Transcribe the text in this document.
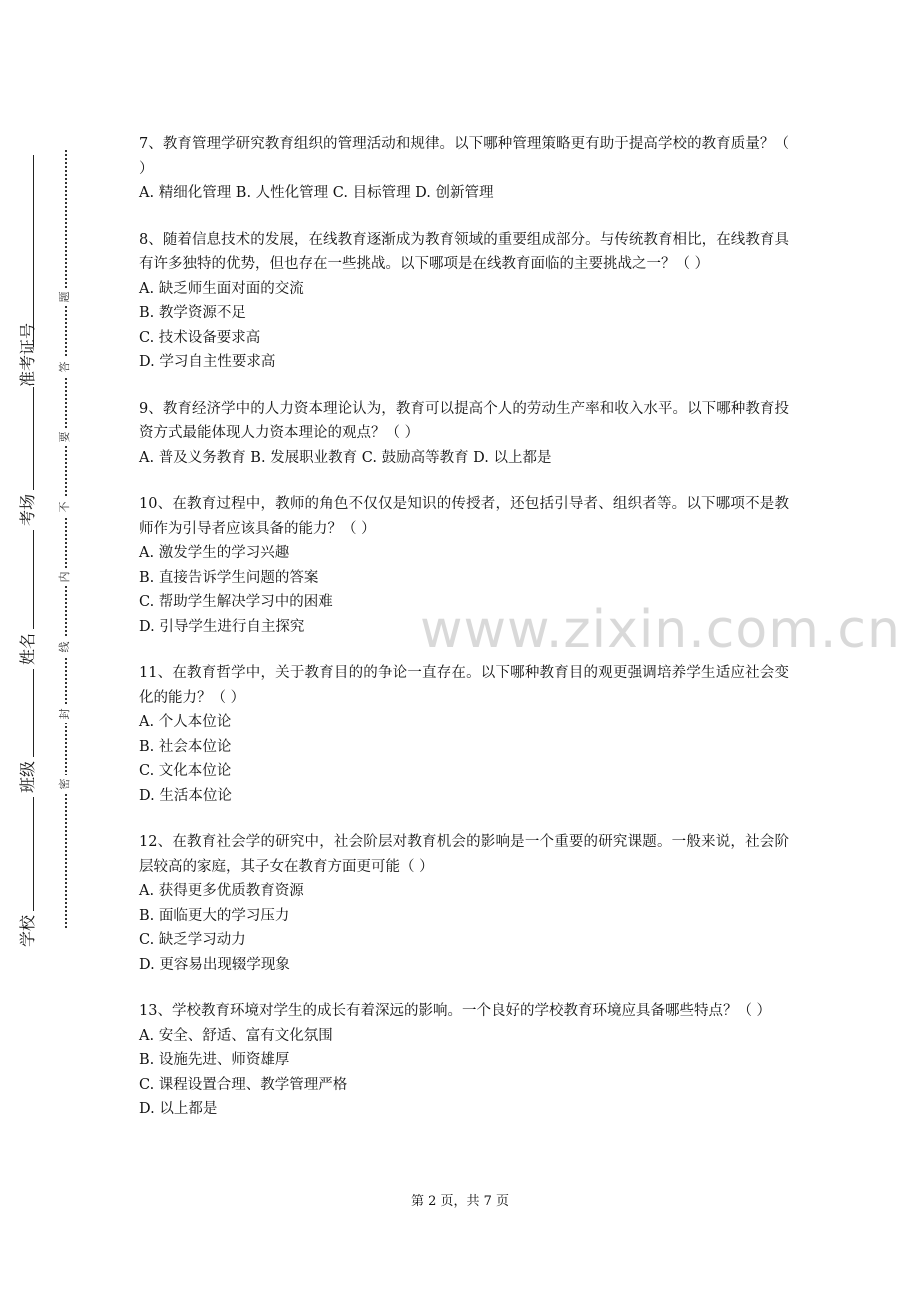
准考证号
考场
姓名
班级
学校
题
答
要
不
内
线
封
密
www.zixin.com.cn

7、教育管理学研究教育组织的管理活动和规律。以下哪种管理策略更有助于提高学校的教育质量？（ ）

A. 精细化管理 B. 人性化管理 C. 目标管理 D. 创新管理

8、随着信息技术的发展，在线教育逐渐成为教育领域的重要组成部分。与传统教育相比，在线教育具有许多独特的优势，但也存在一些挑战。以下哪项是在线教育面临的主要挑战之一？（ ）

A. 缺乏师生面对面的交流

B. 教学资源不足

C. 技术设备要求高

D. 学习自主性要求高

9、教育经济学中的人力资本理论认为，教育可以提高个人的劳动生产率和收入水平。以下哪种教育投资方式最能体现人力资本理论的观点？（ ）

A. 普及义务教育 B. 发展职业教育 C. 鼓励高等教育 D. 以上都是

10、在教育过程中，教师的角色不仅仅是知识的传授者，还包括引导者、组织者等。以下哪项不是教师作为引导者应该具备的能力？（ ）

A. 激发学生的学习兴趣

B. 直接告诉学生问题的答案

C. 帮助学生解决学习中的困难

D. 引导学生进行自主探究

11、在教育哲学中，关于教育目的的争论一直存在。以下哪种教育目的观更强调培养学生适应社会变化的能力？（ ）

A. 个人本位论

B. 社会本位论

C. 文化本位论

D. 生活本位论

12、在教育社会学的研究中，社会阶层对教育机会的影响是一个重要的研究课题。一般来说，社会阶层较高的家庭，其子女在教育方面更可能（ ）

A. 获得更多优质教育资源

B. 面临更大的学习压力

C. 缺乏学习动力

D. 更容易出现辍学现象

13、学校教育环境对学生的成长有着深远的影响。一个良好的学校教育环境应具备哪些特点？（ ）

A. 安全、舒适、富有文化氛围

B. 设施先进、师资雄厚

C. 课程设置合理、教学管理严格

D. 以上都是

第 2 页，共 7 页
